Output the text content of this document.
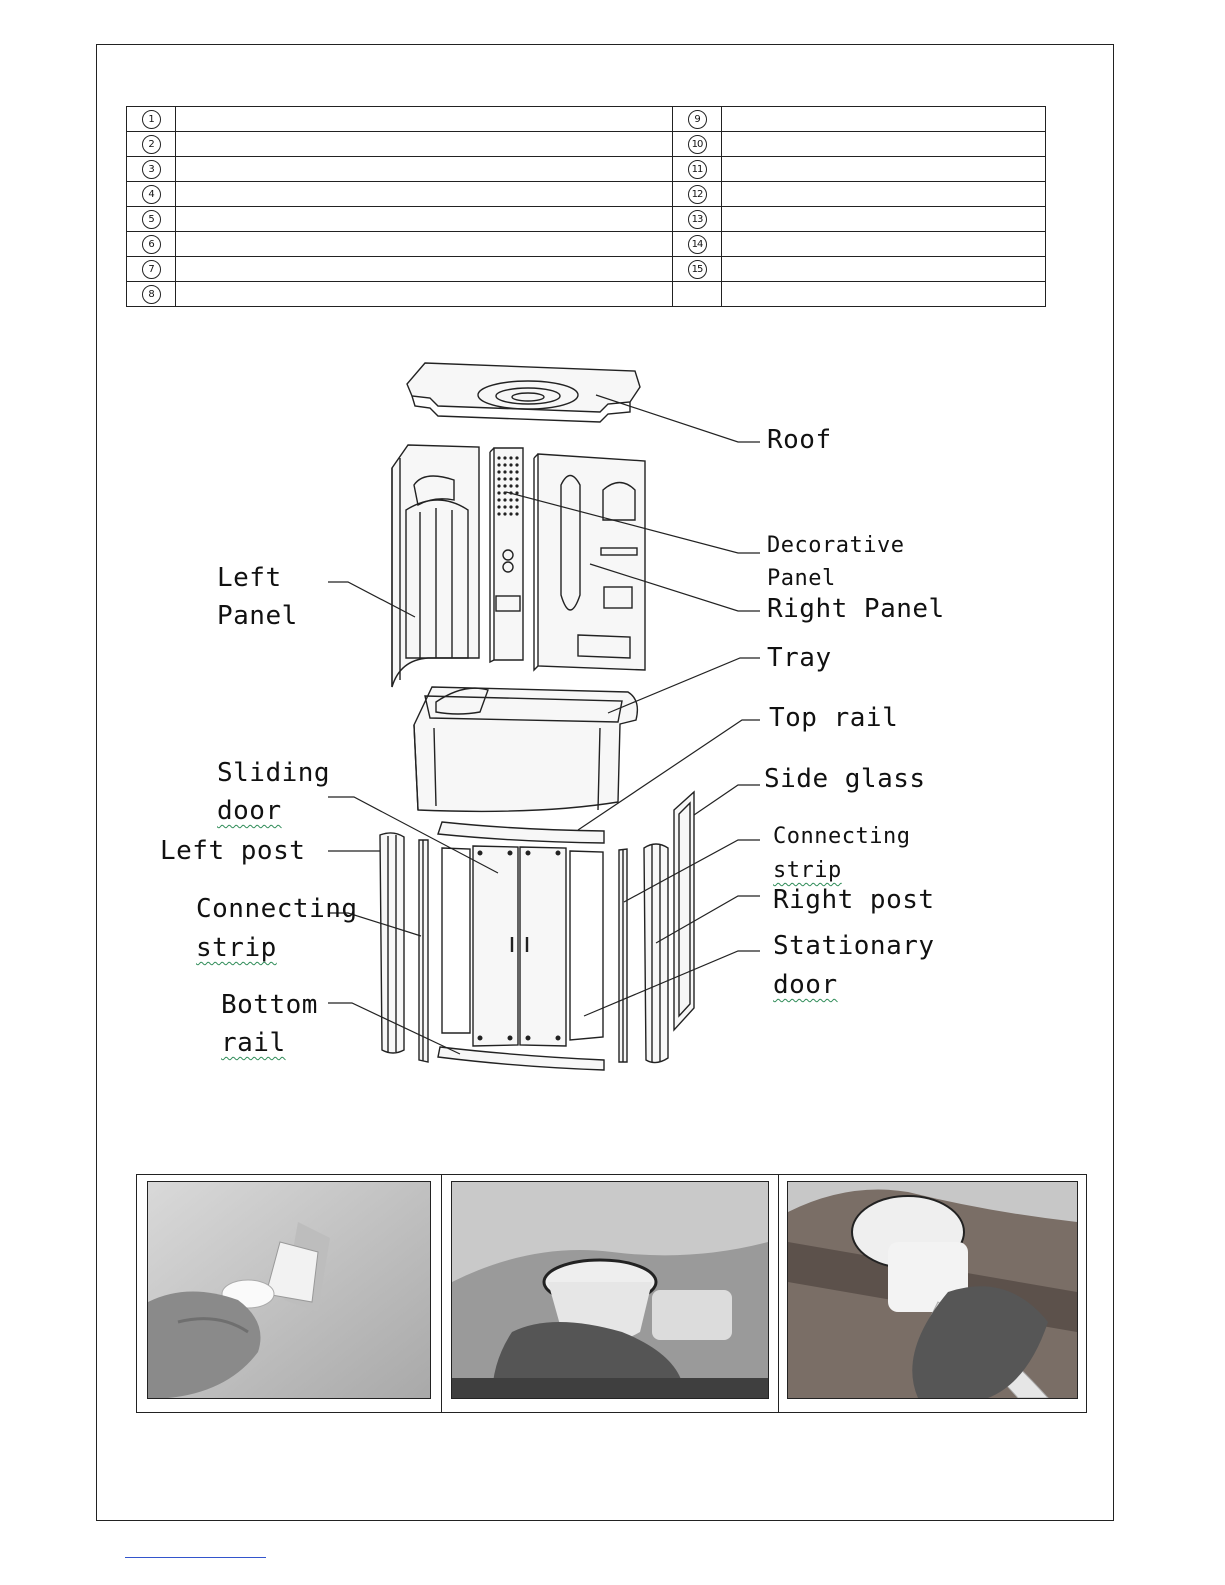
1		9	
2		10	
3		11	
4		12	
5		13	
6		14	
7		15	
8			
Roof
Decorative
Panel
Right Panel
Tray
Top rail
Side glass
Connecting
strip
Right post
Stationary
door
Left
Panel
Sliding
door
Left post
Connecting
strip
Bottom
rail
